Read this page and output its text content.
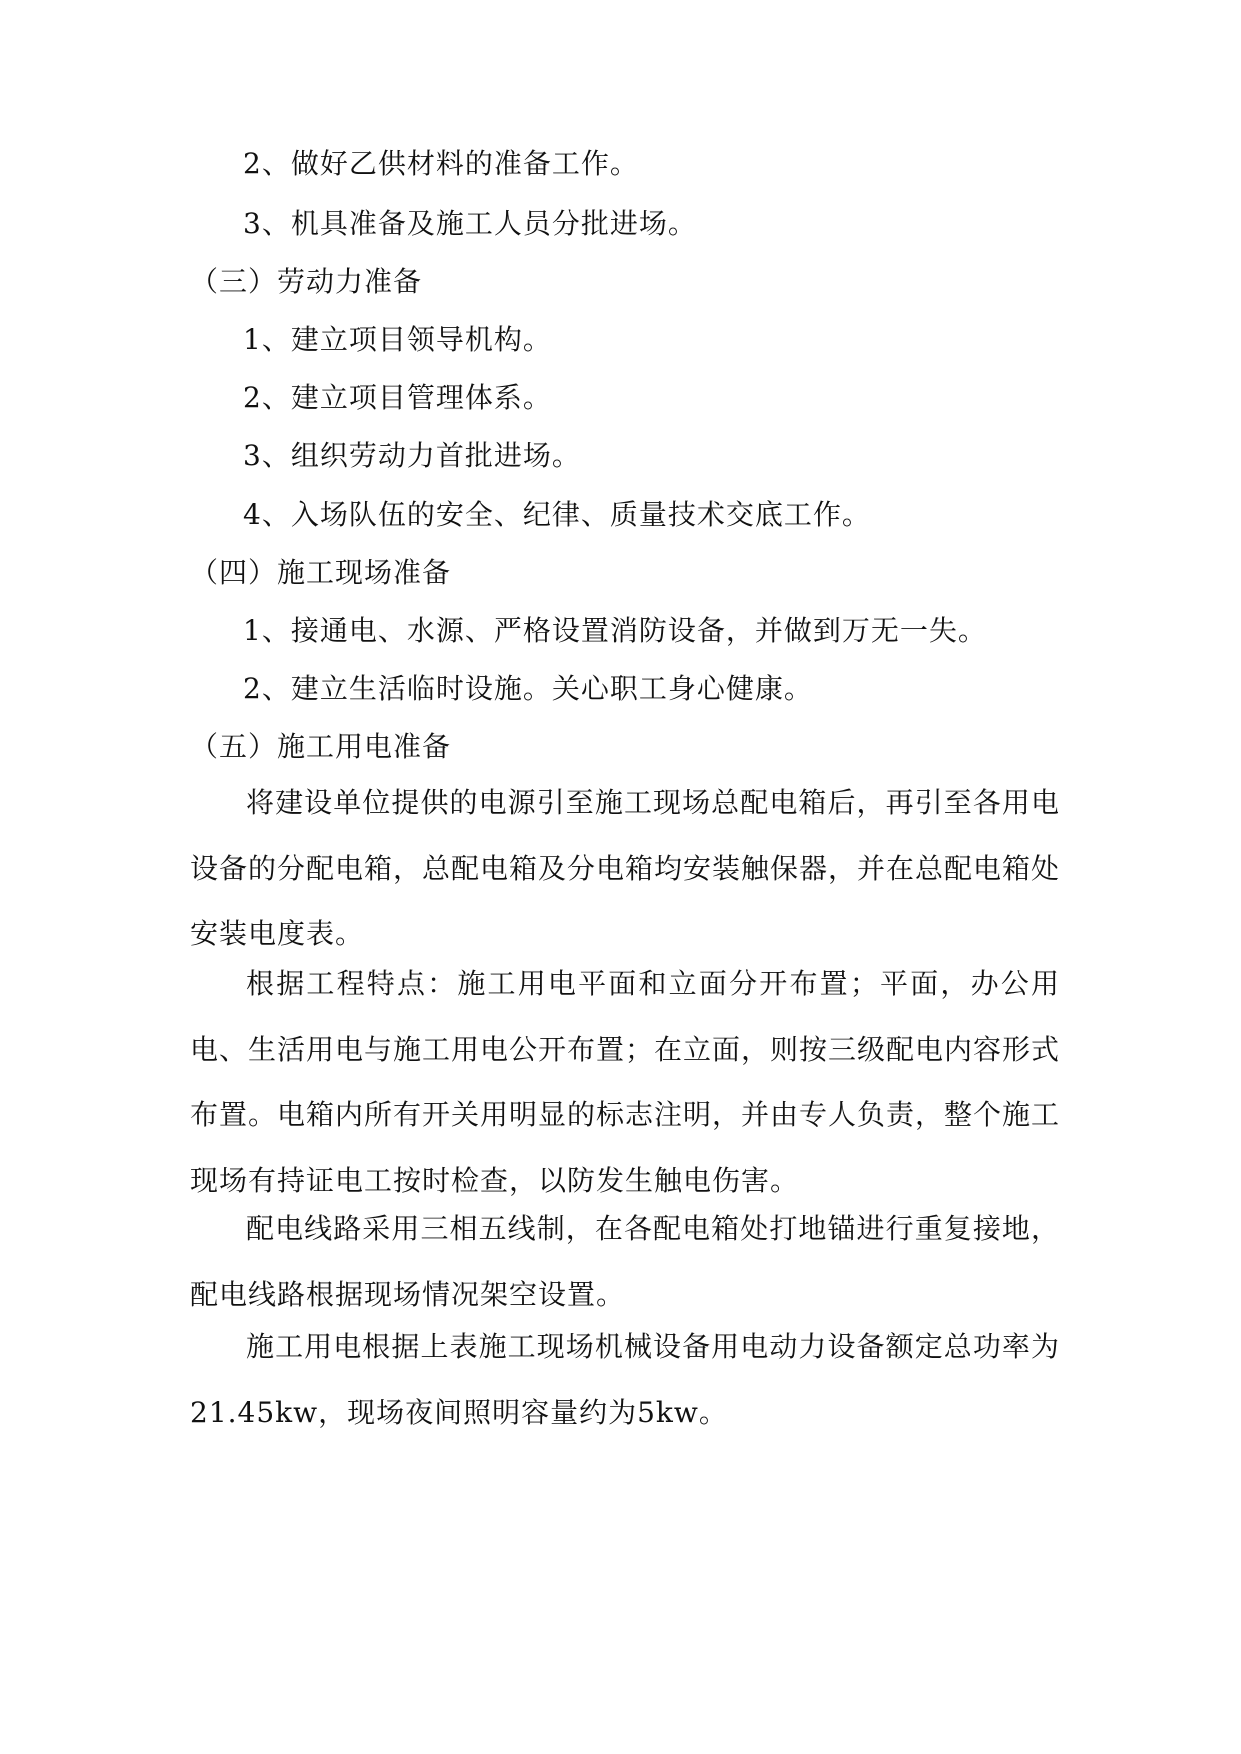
2、做好乙供材料的准备工作。
3、机具准备及施工人员分批进场。
（三）劳动力准备
1、建立项目领导机构。
2、建立项目管理体系。
3、组织劳动力首批进场。
4、入场队伍的安全、纪律、质量技术交底工作。
（四）施工现场准备
1、接通电、水源、严格设置消防设备，并做到万无一失。
2、建立生活临时设施。关心职工身心健康。
（五）施工用电准备
将建设单位提供的电源引至施工现场总配电箱后，再引至各用电设备的分配电箱，总配电箱及分电箱均安装触保器，并在总配电箱处安装电度表。
根据工程特点：施工用电平面和立面分开布置；平面，办公用电、生活用电与施工用电公开布置；在立面，则按三级配电内容形式布置。电箱内所有开关用明显的标志注明，并由专人负责，整个施工现场有持证电工按时检查，以防发生触电伤害。
配电线路采用三相五线制，在各配电箱处打地锚进行重复接地，配电线路根据现场情况架空设置。
施工用电根据上表施工现场机械设备用电动力设备额定总功率为21.45kw，现场夜间照明容量约为5kw。
